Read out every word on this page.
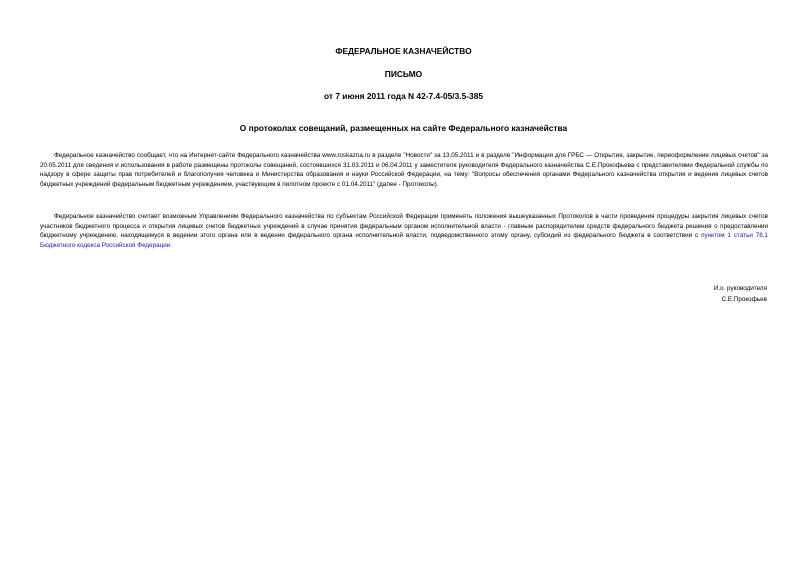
ФЕДЕРАЛЬНОЕ КАЗНАЧЕЙСТВО
ПИСЬМО
от 7 июня 2011 года N 42-7.4-05/3.5-385
О протоколах совещаний, размещенных на сайте Федерального казначейства

Федеральное казначейство сообщает, что на Интернет-сайте Федерального казначейства www.roskazna.ru в разделе "Новости" за 13.05.2011 и в разделе "Информация для ГРБС — Открытие, закрытие, переоформление лицевых счетов" за 20.05.2011 для сведения и использования в работе размещены протоколы совещаний, состоявшихся 31.03.2011 и 06.04.2011 у заместителя руководителя Федерального казначейства С.Е.Прокофьева с представителями Федеральной службы по надзору в сфере защиты прав потребителей и благополучия человека и Министерства образования и науки Российской Федерации, на тему: "Вопросы обеспечения органами Федерального казначейства открытия и ведения лицевых счетов бюджетных учреждений федеральным бюджетным учреждением, участвующим в пилотном проекте с 01.04.2011" (далее - Протоколы).

Федеральное казначейство считает возможным Управлениям Федерального казначейства по субъектам Российской Федерации применять положения вышеуказанных Протоколов в части проведения процедуры закрытия лицевых счетов участников бюджетного процесса и открытия лицевых счетов бюджетных учреждений в случае принятия федеральным органом исполнительной власти - главным распорядителем средств федерального бюджета решения о предоставлении бюджетному учреждению, находящемуся в ведении этого органа или в ведении федерального органа исполнительной власти, подведомственного этому органу, субсидий из федерального бюджета в соответствии с пунктом 1 статьи 78.1 Бюджетного кодекса Российской Федерации.

И.о. руководителя
С.Е.Прокофьев
